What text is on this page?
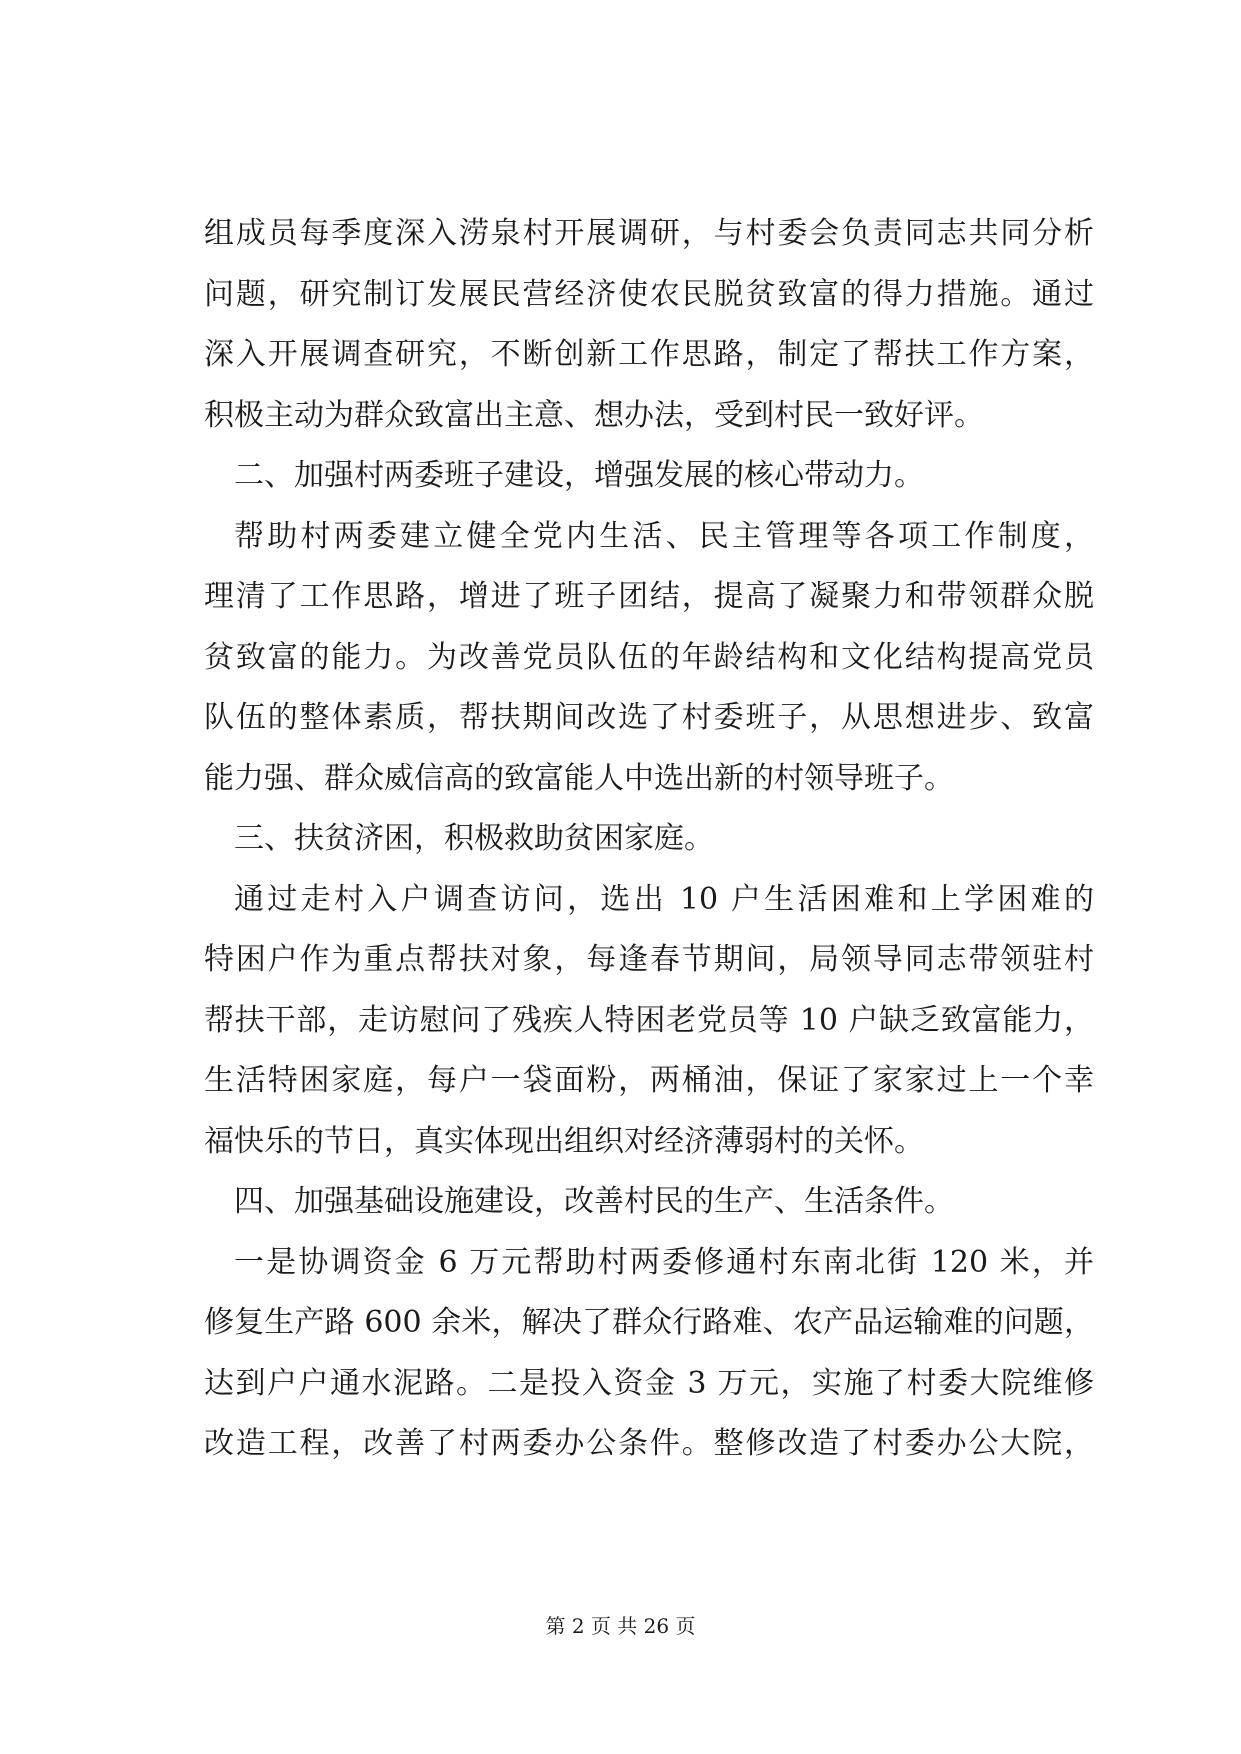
组成员每季度深入涝泉村开展调研，与村委会负责同志共同分析
问题，研究制订发展民营经济使农民脱贫致富的得力措施。通过
深入开展调查研究，不断创新工作思路，制定了帮扶工作方案，
积极主动为群众致富出主意、想办法，受到村民一致好评。
二、加强村两委班子建设，增强发展的核心带动力。
帮助村两委建立健全党内生活、民主管理等各项工作制度，
理清了工作思路，增进了班子团结，提高了凝聚力和带领群众脱
贫致富的能力。为改善党员队伍的年龄结构和文化结构提高党员
队伍的整体素质，帮扶期间改选了村委班子，从思想进步、致富
能力强、群众威信高的致富能人中选出新的村领导班子。
三、扶贫济困，积极救助贫困家庭。
通过走村入户调查访问，选出 10 户生活困难和上学困难的
特困户作为重点帮扶对象，每逢春节期间，局领导同志带领驻村
帮扶干部，走访慰问了残疾人特困老党员等 10 户缺乏致富能力，
生活特困家庭，每户一袋面粉，两桶油，保证了家家过上一个幸
福快乐的节日，真实体现出组织对经济薄弱村的关怀。
四、加强基础设施建设，改善村民的生产、生活条件。
一是协调资金 6 万元帮助村两委修通村东南北街 120 米，并
修复生产路 600 余米，解决了群众行路难、农产品运输难的问题，
达到户户通水泥路。二是投入资金 3 万元，实施了村委大院维修
改造工程，改善了村两委办公条件。整修改造了村委办公大院，
第 2 页 共 26 页
